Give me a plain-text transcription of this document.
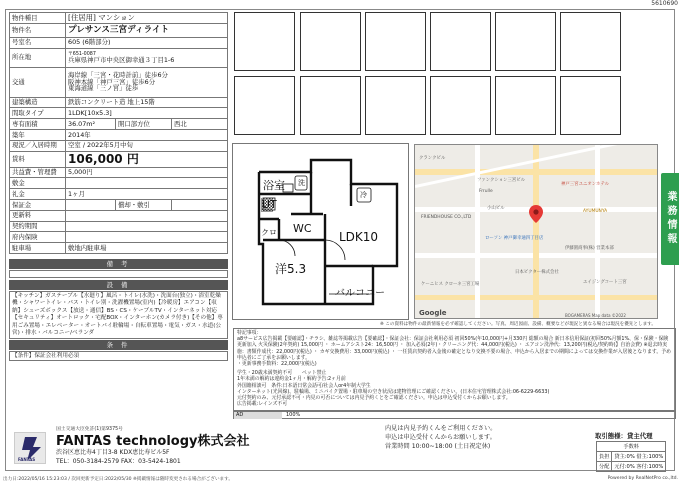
5610690
物件種目	[住居用] マンション		
物件名	プレサンス三宮ディライト		
号室名	605 (6階部分)		
所在地	〒651-0087
兵庫県神戸市中央区御幸通３丁目1-6		
交通	海岸線「三宮・花時計前」徒歩6分
阪神本線「神戸三宮」徒歩6分
東海道線「三ノ宮」徒歩		

建築構造	鉄筋コンクリート造 地上15階		
間取タイプ	1LDK[10x5.3]		
専有面積	36.07m²	開口部方位	西北
築年	2014年		
現況／入居時期	空室 / 2022年5月中旬		
賃料	106,000 円		
共益費・管理費	5,000円		
敷金			
礼金	1ヶ月		
保証金		償却・敷引	
更新料			
契約期間			
府内保険			
駐車場	敷地内駐車場		
備 考
設 備
【キッチン】ガステーブル【水廻り】風呂・トイレ(水洗)・洗面台(独立)・浴室乾燥機・シャワートイレ・バス・トイレ別・洗濯機置場(室内)【冷暖房】エアコン【収納】シューズボックス【放送・通信】BS・CS・ケーブルTV・インターネット対応【セキュリティ】オートロック・宅配BOX・インターホン(カメラ付き)【その他】専用ごみ置場・エレベーター・オートバイ駐輪場・自転車置場・電気・ガス・水道(公営)・排水・バルコニー/ベランダ
条 件
【条件】保証会社利用必須
浴室
UT
洗
冷
WC
クロ	LDK10
洋5.3
バルコニー
ファンクション三宮ビル
Frrulle
FRIENDHOUSE CO.,LTD
ローソン 神戸御幸通四丁目店
神戸三宮ユニオンホテル
AYUMUNYA
伊藤園商事(株) 営業本部
日本ビクター株式会社
ケーニヒス クローネ三宮工場	エイジングコート三宮
クランクビル
小山ビル
Google	BOGAMERAS Map data ©2022
業務情報
※ この資料は物件の最新情報を必ず確認してください。写真、周辺図面、設備、概要などが現況と異なる場合は現況を優先とします。
特記事項：
a8サービス広告掲載【要確認】・チラシ、雑誌等掲載広告【要確認】・保証会社：保証会社利用必須 初回50%(年10,000円+月330円 総額の場合 新日本信用保証(初回50%月額1%、保・保険・保険更新加入 火災保険(2年契約) 15,000円 ・ ホームアシスト24：16,500円 ・ 加入必須(2年)・クリーニング代：44,000円(税込) ・ エアコン洗浄代：13,200円(税込/契約時)】自治会費) ※退去時実施：書類作成代：22,000円(税込) ・ カギ交換費用：33,000円(税込) ・ 一任賃店契約者入金後の確定となり交換不要の場合、申込から入居までの期間によっては交換作業が入居後となります。予め申込者にご了承をお願いします。
・更新事務手数料：22,000円(税込)
学生・20歳未満契約不可　　ペット禁止
1年未満の解約は違約金1ヶ月・解約予告:2ヶ月前
外国籍相談可　条件:日本語日常会話可/社会人or4年制大学生
インターネット(光回線)、駐輪場、ミニバイク置場・駐車場の空き状況は建物管理にご確認ください。(日本住宅管理株式会社:06-6229-6633)
元付契約のみ、元付承認不可・内見の可否については内見予約くとをご確認ください。申込は申込受付くからお願いします。
広告掲載:レインズ不可
AD	100%
国土交通大臣免許(1)第9375号
FANTAS
FANTAS technology株式会社
渋谷区恵比寿4丁目3-8 KDX恵比寿ビル5F
TEL：050-3184-2579 FAX：03-5424-1801
内見は内見予約くんをご利用ください。
申込は申込受付くんからお願いします。
営業時間 10:00~18:00 (土日祝定休)
取引態様：貸主代理
手数料	
負担	貸主:0% 借主:100%
分配	元付:0% 客付:100%
出力日:2022/05/16 15:23:03 / 次回更新予定日:2022/05/30 ※掲載情報は随時変更される場合がございます。	Powered by RealNetPro co.,ltd.
